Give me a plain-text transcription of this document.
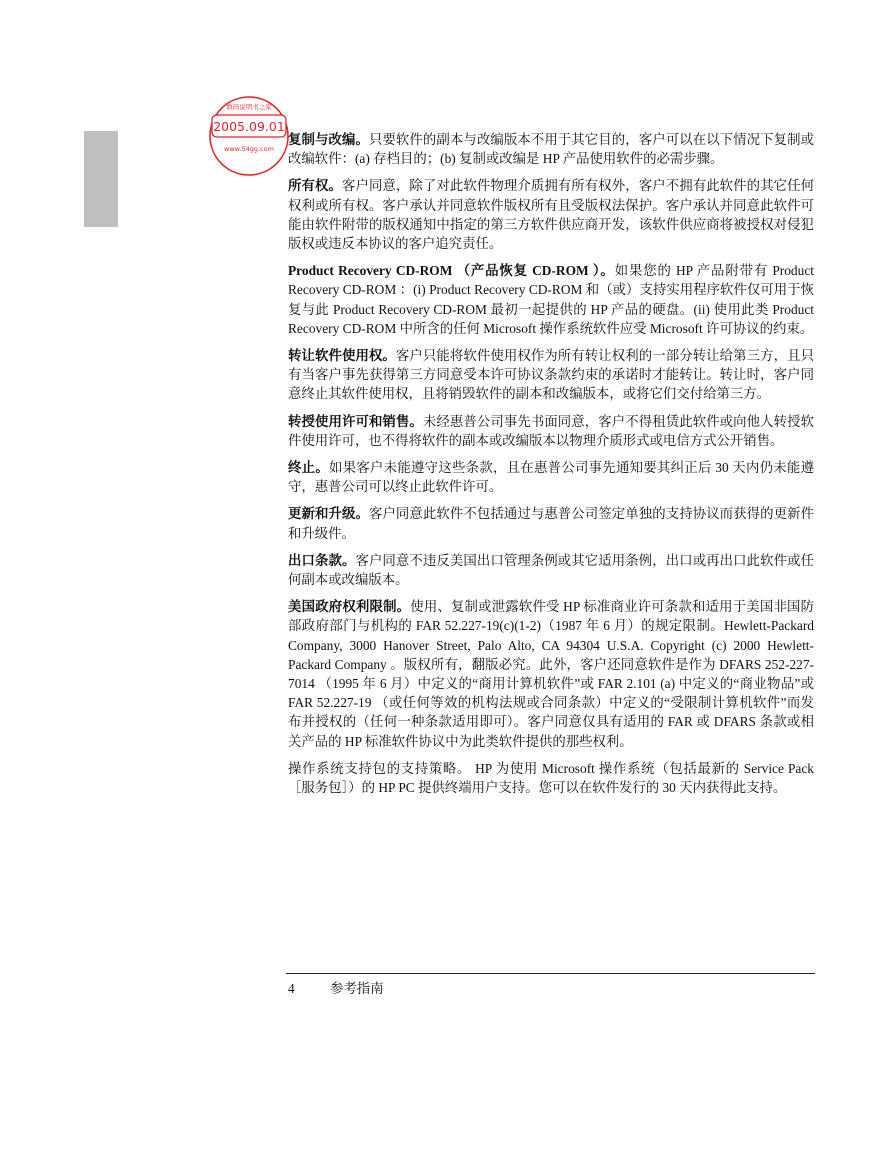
数码说明书之家
2005.09.01
www.54gg.com

复制与改编。只要软件的副本与改编版本不用于其它目的，客户可以在以下情况下复制或改编软件：(a) 存档目的；(b) 复制或改编是 HP 产品使用软件的必需步骤。

所有权。客户同意，除了对此软件物理介质拥有所有权外，客户不拥有此软件的其它任何权利或所有权。客户承认并同意软件版权所有且受版权法保护。客户承认并同意此软件可能由软件附带的版权通知中指定的第三方软件供应商开发，该软件供应商将被授权对侵犯版权或违反本协议的客户追究责任。

Product Recovery CD-ROM （产品恢复 CD-ROM ）。如果您的 HP 产品附带有 Product Recovery CD-ROM ：(i) Product Recovery CD-ROM 和（或）支持实用程序软件仅可用于恢复与此 Product Recovery CD-ROM 最初一起提供的 HP 产品的硬盘。(ii) 使用此类 Product Recovery CD-ROM 中所含的任何 Microsoft 操作系统软件应受 Microsoft 许可协议的约束。

转让软件使用权。客户只能将软件使用权作为所有转让权利的一部分转让给第三方，且只有当客户事先获得第三方同意受本许可协议条款约束的承诺时才能转让。转让时，客户同意终止其软件使用权，且将销毁软件的副本和改编版本，或将它们交付给第三方。

转授使用许可和销售。未经惠普公司事先书面同意，客户不得租赁此软件或向他人转授软件使用许可，也不得将软件的副本或改编版本以物理介质形式或电信方式公开销售。

终止。如果客户未能遵守这些条款，且在惠普公司事先通知要其纠正后 30 天内仍未能遵守，惠普公司可以终止此软件许可。

更新和升级。客户同意此软件不包括通过与惠普公司签定单独的支持协议而获得的更新件和升级件。

出口条款。客户同意不违反美国出口管理条例或其它适用条例，出口或再出口此软件或任何副本或改编版本。

美国政府权利限制。使用、复制或泄露软件受 HP 标准商业许可条款和适用于美国非国防部政府部门与机构的 FAR 52.227-19(c)(1-2)（1987 年 6 月）的规定限制。Hewlett-Packard Company, 3000 Hanover Street, Palo Alto, CA 94304 U.S.A. Copyright (c) 2000 Hewlett-Packard Company 。版权所有，翻版必究。此外，客户还同意软件是作为 DFARS 252-227-7014 （1995 年 6 月）中定义的“商用计算机软件”或 FAR 2.101 (a) 中定义的“商业物品”或 FAR 52.227-19 （或任何等效的机构法规或合同条款）中定义的“受限制计算机软件”而发布并授权的（任何一种条款适用即可）。客户同意仅具有适用的 FAR 或 DFARS 条款或相关产品的 HP 标准软件协议中为此类软件提供的那些权利。

操作系统支持包的支持策略。 HP 为使用 Microsoft 操作系统（包括最新的 Service Pack ［服务包］）的 HP PC 提供终端用户支持。您可以在软件发行的 30 天内获得此支持。

4	参考指南
